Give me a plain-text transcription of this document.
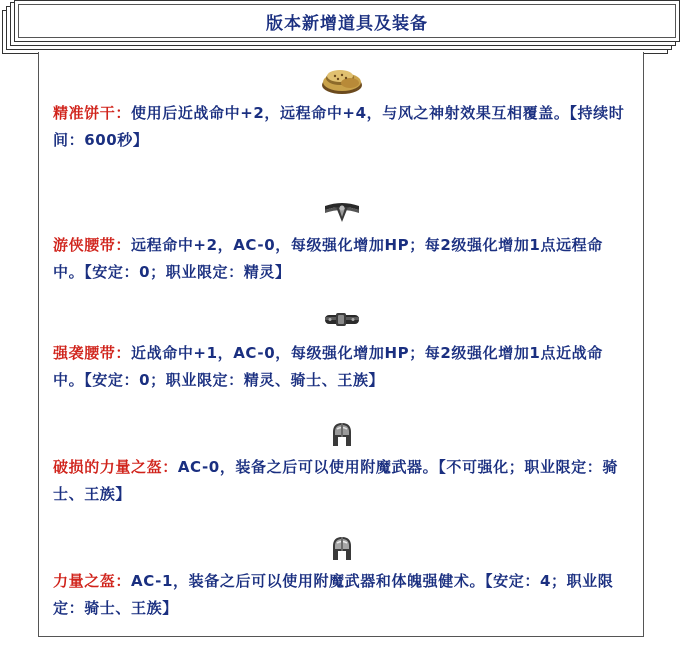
版本新增道具及装备

精准饼干：使用后近战命中+2，远程命中+4，与风之神射效果互相覆盖。【持续时间：600秒】

游侠腰带：远程命中+2，AC-0，每级强化增加HP；每2级强化增加1点远程命中。【安定：0；职业限定：精灵】

强袭腰带：近战命中+1，AC-0，每级强化增加HP；每2级强化增加1点近战命中。【安定：0；职业限定：精灵、骑士、王族】

破损的力量之盔：AC-0，装备之后可以使用附魔武器。【不可强化；职业限定：骑士、王族】

力量之盔：AC-1，装备之后可以使用附魔武器和体魄强健术。【安定：4；职业限定：骑士、王族】
